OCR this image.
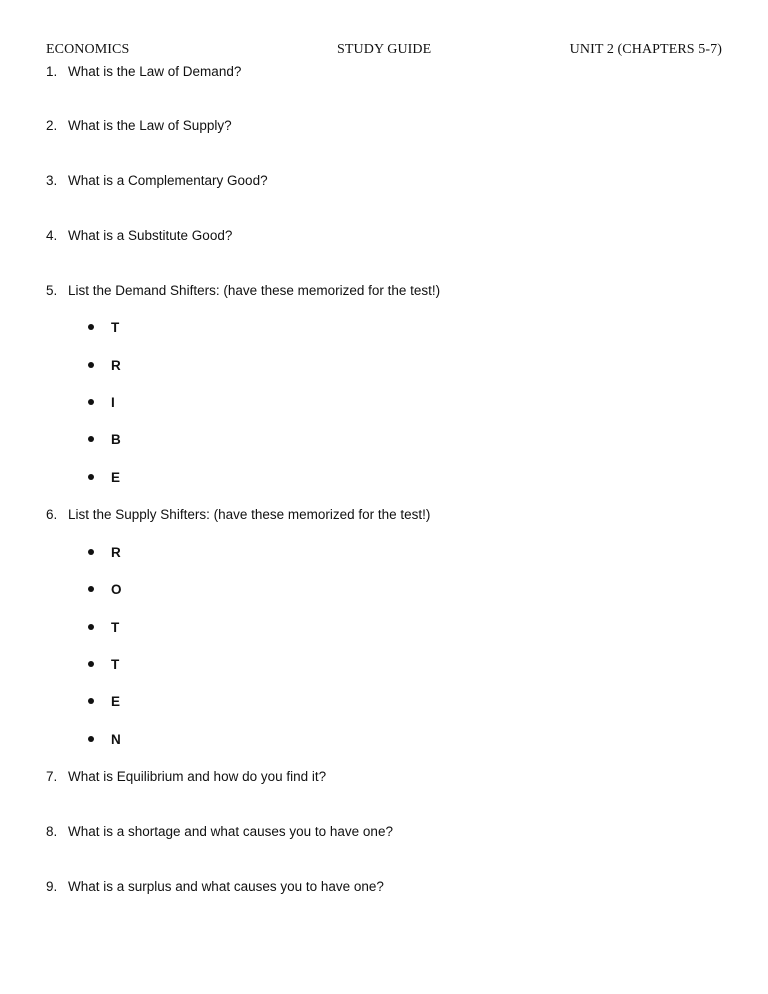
ECONOMICS	STUDY GUIDE	UNIT 2 (CHAPTERS 5-7)
1. What is the Law of Demand?
2. What is the Law of Supply?
3. What is a Complementary Good?
4. What is a Substitute Good?
5. List the Demand Shifters: (have these memorized for the test!)
T
R
I
B
E
6. List the Supply Shifters: (have these memorized for the test!)
R
O
T
T
E
N
7. What is Equilibrium and how do you find it?
8. What is a shortage and what causes you to have one?
9. What is a surplus and what causes you to have one?
